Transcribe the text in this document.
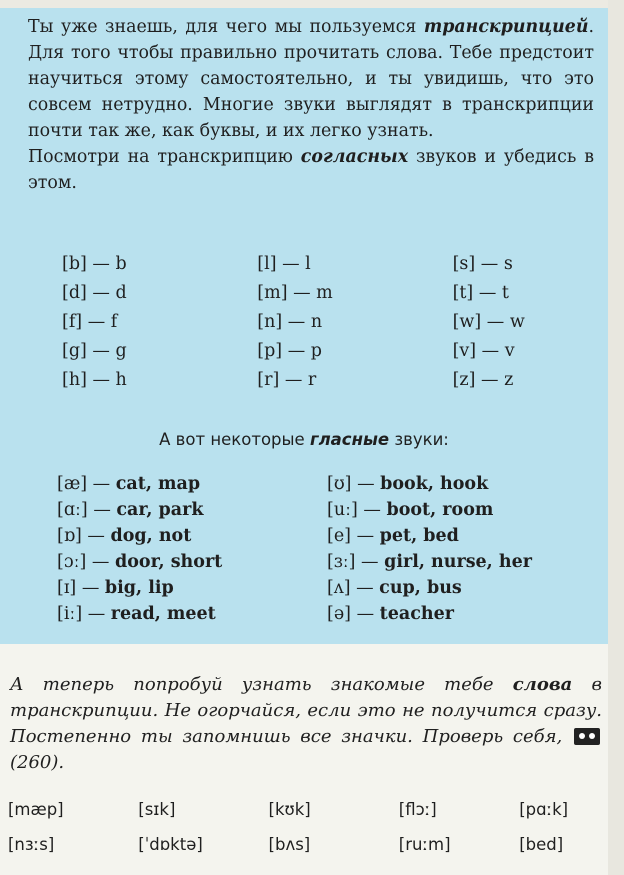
Ты уже знаешь, для чего мы пользуемся транскрипцией. Для того чтобы правильно прочитать слова. Тебе предстоит научиться этому самостоятельно, и ты увидишь, что это совсем нетрудно. Многие звуки выглядят в транскрипции почти так же, как буквы, и их легко узнать.

Посмотри на транскрипцию согласных звуков и убедись в этом.

[b] — b	[l] — l	[s] — s
[d] — d	[m] — m	[t] — t
[f] — f	[n] — n	[w] — w
[g] — g	[p] — p	[v] — v
[h] — h	[r] — r	[z] — z
А вот некоторые гласные звуки:
[æ] — cat, map	[ʊ] — book, hook
[ɑː] — car, park	[uː] — boot, room
[ɒ] — dog, not	[e] — pet, bed
[ɔː] — door, short	[ɜː] — girl, nurse, her
[ɪ] — big, lip	[ʌ] — cup, bus
[iː] — read, meet	[ə] — teacher

А теперь попробуй узнать знакомые тебе слова в транскрипции. Не огорчайся, если это не получится сразу. Постепенно ты запомнишь все значки. Проверь себя,  (260).

[mæp]	[sɪk]	[kʊk]	[flɔː]	[pɑːk]
[nɜːs]	[ˈdɒktə]	[bʌs]	[ruːm]	[bed]
